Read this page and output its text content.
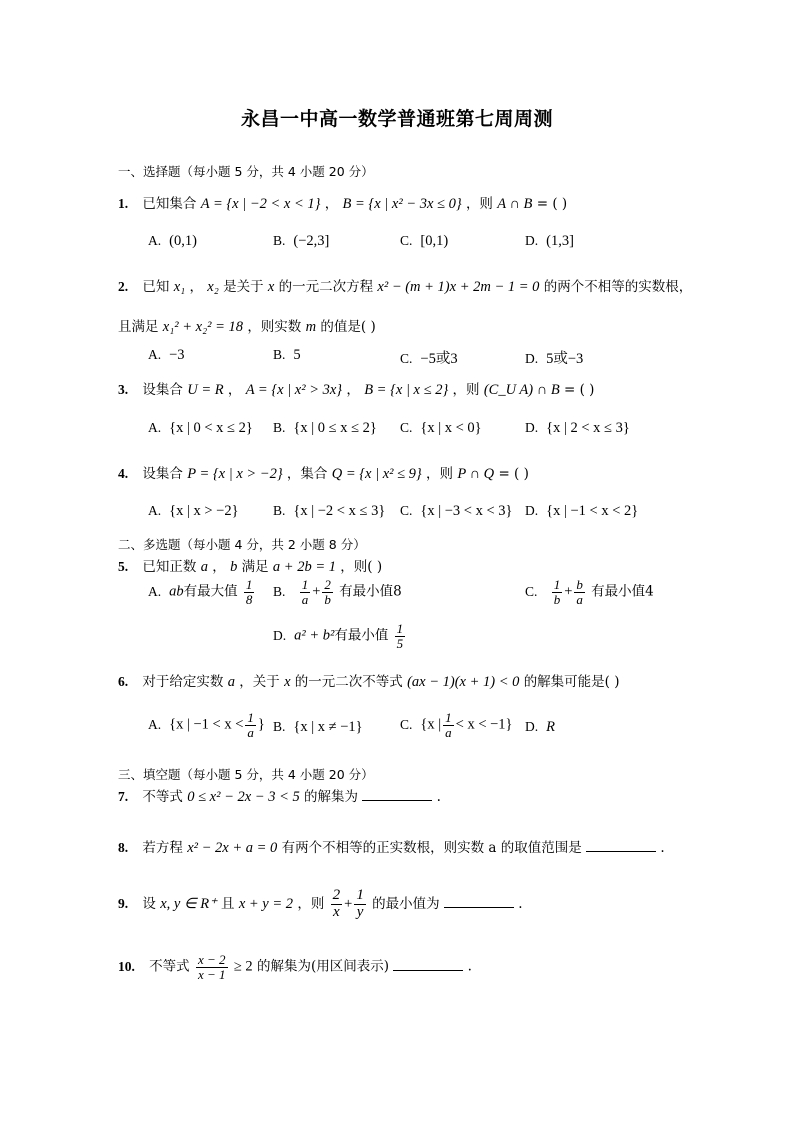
永昌一中高一数学普通班第七周周测
一、选择题（每小题 5 分，共 4 小题 20 分）
1. 已知集合 A = {x | −2 < x < 1} ， B = {x | x² − 3x ≤ 0} ，则 A ∩ B = ( )
A. (0,1)	B. (−2,3]	C. [0,1)	D. (1,3]
2. 已知 x₁ ， x₂ 是关于 x 的一元二次方程 x² − (m + 1)x + 2m − 1 = 0 的两个不相等的实数根，
且满足 x₁² + x₂² = 18 ，则实数 m 的值是( )
A. −3	B. 5	C. −5或3	D. 5或−3
3. 设集合 U = R ， A = {x | x² > 3x} ， B = {x | x ≤ 2} ，则 (C_U A) ∩ B = ( )
A. {x | 0 < x ≤ 2} B. {x | 0 ≤ x ≤ 2} C. {x | x < 0}	D. {x | 2 < x ≤ 3}
4. 设集合 P = {x | x > −2} ，集合 Q = {x | x² ≤ 9} ，则 P ∩ Q = ( )
A. {x | x > −2}	B. {x | −2 < x ≤ 3} C. {x | −3 < x < 3} D. {x | −1 < x < 2}
二、多选题（每小题 4 分，共 2 小题 8 分）
5. 已知正数 a ， b 满足 a + 2b = 1 ，则( )
A. ab有最大值 $\frac{1}{8} B$. $\frac{1}{a} + \frac{2}{b}$ 有最小值8	C. $\frac{1}{b} + \frac{b}{a}$ 有最小值4
D. a² + b²有最小值 $\frac{1}{5}$
6. 对于给定实数 a ，关于 x 的一元二次不等式 (ax − 1)(x + 1) < 0 的解集可能是( )
A. {x | $-1 < x < \frac{1}{a}$ } B. {x | x ≠ −1}	C. {x | $\frac{1}{a} < x < -1$} D. R
三、填空题（每小题 5 分，共 4 小题 20 分）
7. 不等式 0 ≤ x² − 2x − 3 < 5 的解集为	.
8. 若方程 x² − 2x + a = 0 有两个不相等的正实数根，则实数 a 的取值范围是	.
9. 设 x, y ∈ R⁺ 且 x + y = 2 ，则 $\frac{2}{x} + \frac{1}{y}$ 的最小值为	.
10. 不等式 $\frac{x - 2}{x - 1} \ge 2$ 的解集为(用区间表示)	.
